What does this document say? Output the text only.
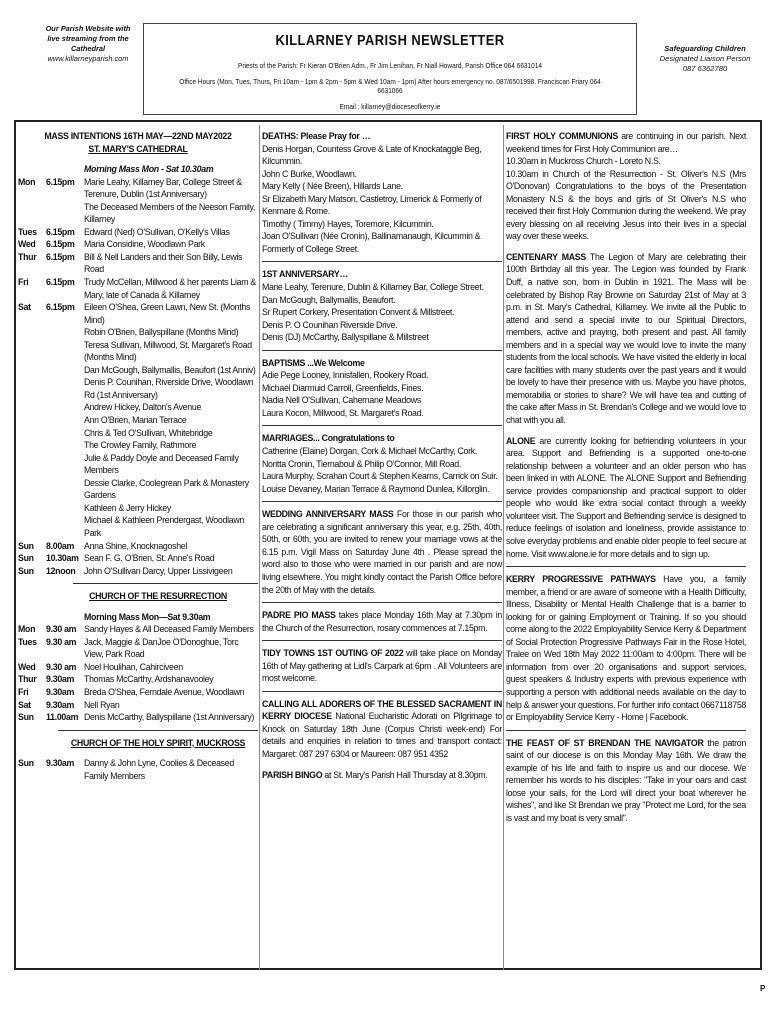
Our Parish Website with
live streaming from the
Cathedral
www.killarneyparish.com
KILLARNEY PARISH NEWSLETTER
Priests of the Parish: Fr Kieran O'Brien Adm., Fr Jim Lenihan, Fr Niall Howard, Parish Office 064 6631014
Office Hours (Mon, Tues, Thurs, Fri 10am - 1pm & 2pm - 5pm & Wed 10am - 1pm) After hours emergency no. 087/6501998. Franciscan Friary 064 6631066
Email : killarney@dioceseofkerry.ie
Safeguarding Children
Designated Liaison Person
087 6362780
MASS INTENTIONS 16TH MAY—22ND MAY2022
ST. MARY'S CATHEDRAL
Morning Mass Mon - Sat 10.30am
Mon	6.15pm	Marie Leahy, Killarney Bar, College Street & Terenure, Dublin (1st Anniversary)
The Deceased Members of the Neeson Family, Killarney
Tues	6.15pm	Edward (Ned) O'Sullivan, O'Kelly's Villas
Wed	6.15pm	Maria Considine, Woodlawn Park
Thur	6.15pm	Bill & Nell Landers and their Son Billy, Lewis Road
Fri	6.15pm	Trudy McCellan, Millwood & her parents Liam & Mary, late of Canada & Killarney
Sat	6.15pm	Eileen O'Shea, Green Lawn, New St. (Months Mind)
Robin O'Brien, Ballyspillane (Months Mind)
Teresa Sullivan, Millwood, St. Margaret's Road (Months Mind)
Dan McGough, Ballymallis, Beaufort (1st Anniv)
Denis P. Counihan, Riverside Drive, Woodlawn Rd (1st Anniversary)
Andrew Hickey, Dalton's Avenue
Ann O'Brien, Marian Terrace
Chris & Ted O'Sullivan, Whitebridge
The Crowley Family, Rathmore
Julie & Paddy Doyle and Deceased Family Members
Dessie Clarke, Coolegrean Park & Monastery Gardens
Kathleen & Jerry Hickey
Michael & Kathleen Prendergast, Woodlawn Park
Sun	8.00am	Anna Shine, Knocknagoshel
Sun	10.30am Sean F. G. O'Brien, St. Anne's Road
Sun	12noon John O'Sullivan Darcy, Upper Lissivigeen
CHURCH OF THE RESURRECTION
Morning Mass Mon—Sat 9.30am
Mon	9.30 am Sandy Hayes & All Deceased Family Members
Tues	9.30 am Jack, Maggie & DanJoe O'Donoghue, Torc View, Park Road
Wed	9.30 am Noel Houlihan, Cahirciveen
Thur	9.30am	Thomas McCarthy, Ardshanavooley
Fri	9.30am	Breda O'Shea, Ferndale Avenue, Woodlawn
Sat	9.30am	Nell Ryan
Sun	11.00am Denis McCarthy, Ballyspillane (1st Anniversary)
CHURCH OF THE HOLY SPIRIT, MUCKROSS
Sun	9.30am	Danny & John Lyne, Coolies & Deceased Family Members
DEATHS: Please Pray for …
Denis Horgan, Countess Grove & Late of Knockataggle Beg, Kilcummin.
John C Burke, Woodlawn.
Mary Kelly ( Née Breen), Hillards Lane.
Sr Elizabeth Mary Matson, Castletroy, Limerick & Formerly of Kenmare & Rome.
Timothy ( Timmy) Hayes, Toremore, Kilcummin.
Joan O'Sullivan (Née Cronin), Ballinamanaugh, Kilcummin & Formerly of College Street.
1ST ANNIVERSARY…
Marie Leahy, Terenure, Dublin & Killarney Bar, College Street.
Dan McGough, Ballymallis, Beaufort.
Sr Rupert Corkery, Presentation Convent & Millstreet.
Denis P. O Counihan Riverside Drive.
Denis (DJ) McCarthy, Ballyspillane & Millstreet
BAPTISMS ...We Welcome
Adie Pege Looney, Innisfallen, Rookery Road.
Michael Diarmuid Carroll, Greenfields, Firies.
Nadia Nell O'Sullivan, Cahernane Meadows
Laura Kocon, Millwood, St. Margaret's Road.
MARRIAGES... Congratulations to
Catherine (Elaine) Dorgan, Cork & Michael McCarthy, Cork.
Noritta Cronin, Tiernaboul & Philip O'Connor, Mill Road.
Laura Murphy, Scrahan Court & Stephen Kearns, Carrick on Suir.
Louise Devaney, Marian Terrace & Raymond Dunlea, Killorglin.

WEDDING ANNIVERSARY MASS For those in our parish who are celebrating a significant anniversary this year, e.g. 25th, 40th, 50th, or 60th, you are invited to renew your marriage vows at the 6.15 p.m. Vigil Mass on Saturday June 4th . Please spread the word also to those who were married in our parish and are now living elsewhere. You might kindly contact the Parish Office before the 20th of May with the details.

PADRE PIO MASS takes place Monday 16th May at 7.30pm in the Church of the Resurrection, rosary commences at 7.15pm.

TIDY TOWNS 1ST OUTING OF 2022 will take place on Monday 16th of May gathering at Lidl's Carpark at 6pm . All Volunteers are most welcome.

CALLING ALL ADORERS OF THE BLESSED SACRAMENT IN KERRY DIOCESE National Eucharistic Adorati on Pilgrimage to Knock on Saturday 18th June (Corpus Christi week-end) For details and enquiries in relation to times and transport contact: Margaret: 087 297 6304 or Maureen: 087 951 4352

PARISH BINGO at St. Mary's Parish Hall Thursday at 8.30pm.

FIRST HOLY COMMUNIONS are continuing in our parish. Next weekend times for First Holy Communion are…

10.30am in Muckross Church - Loreto N.S.

10.30am in Church of the Resurrection - St. Oliver's N.S (Mrs O'Donovan) Congratulations to the boys of the Presentation Monastery N.S & the boys and girls of St Oliver's N.S who received their first Holy Communion during the weekend. We pray every blessing on all receiving Jesus into their lives in a special way over these weeks.

CENTENARY MASS The Legion of Mary are celebrating their 100th Birthday all this year. The Legion was founded by Frank Duff, a native son, born in Dublin in 1921. The Mass will be celebrated by Bishop Ray Browne on Saturday 21st of May at 3 p.m. in St. Mary's Cathedral, Killarney. We invite all the Public to attend and send a special invite to our Spiritual Directors, members, active and praying, both present and past. All family members and in a special way we would love to invite the many students from the local schools. We have visited the elderly in local care facilities with many students over the past years and it would be lovely to have their presence with us. Maybe you have photos, memorabilia or stories to share? We will have tea and cutting of the cake after Mass in St. Brendan's College and we would love to chat with you all.

ALONE are currently looking for befriending volunteers in your area. Support and Befriending is a supported one-to-one relationship between a volunteer and an older person who has been linked in with ALONE. The ALONE Support and Befriending service provides companionship and practical support to older people who would like extra social contact through a weekly volunteer visit. The Support and Befriending service is designed to reduce feelings of isolation and loneliness, provide assistance to solve everyday problems and enable older people to feel secure at home. Visit www.alone.ie for more details and to sign up.

KERRY PROGRESSIVE PATHWAYS Have you, a family member, a friend or are aware of someone with a Health Difficulty, Illness, Disability or Mental Health Challenge that is a barrier to looking for or gaining Employment or Training. If so you should come along to the 2022 Employability Service Kerry & Department of Social Protection Progressive Pathways Fair in the Rose Hotel, Tralee on Wed 18th May 2022 11:00am to 4:00pm. There will be information from over 20 organisations and support services, guest speakers & Industry experts with previous experience with supporting a person with additional needs available on the day to help & answer your questions. For further info contact 0667118758 or Employability Service Kerry - Home | Facebook.

THE FEAST OF ST BRENDAN THE NAVIGATOR the patron saint of our diocese is on this Monday May 16th. We draw the example of his life and faith to inspire us and our diocese. We remember his words to his disciples: "Take in your oars and cast loose your sails, for the Lord will direct your boat wherever he wishes", and like St Brendan we pray "Protect me Lord, for the sea is vast and my boat is very small".

P
